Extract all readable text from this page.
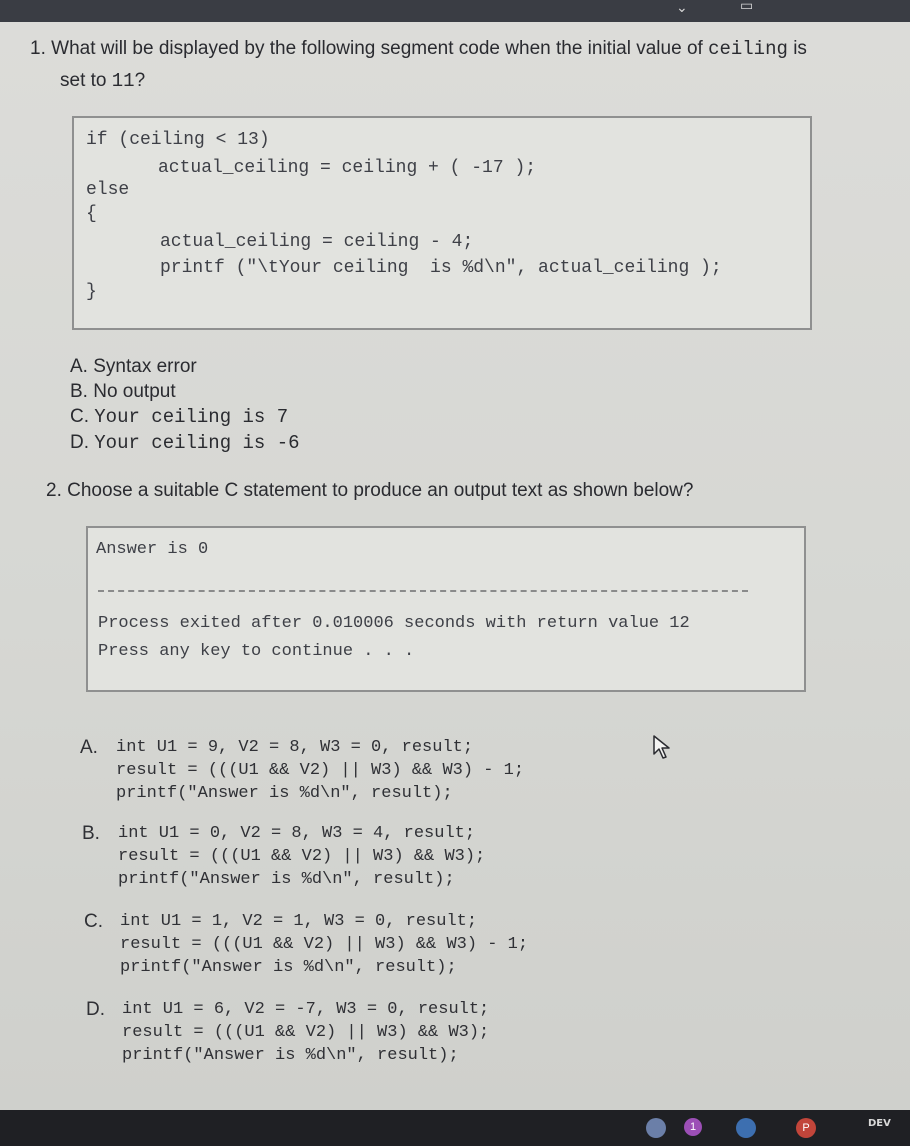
⌄	▭
1. What will be displayed by the following segment code when the initial value of ceiling is
set to 11?
if (ceiling < 13)
actual_ceiling = ceiling + ( -17 );
else
{
actual_ceiling = ceiling - 4;
printf ("\tYour ceiling  is %d\n", actual_ceiling );
}
A. Syntax error
B. No output
C. Your ceiling is 7
D. Your ceiling is -6
2. Choose a suitable C statement to produce an output text as shown below?
Answer is 0
Process exited after 0.010006 seconds with return value 12
Press any key to continue . . .
A. int U1 = 9, V2 = 8, W3 = 0, result;
result = (((U1 && V2) || W3) && W3) - 1;
printf("Answer is %d\n", result);
B. int U1 = 0, V2 = 8, W3 = 4, result;
result = (((U1 && V2) || W3) && W3);
printf("Answer is %d\n", result);
C. int U1 = 1, V2 = 1, W3 = 0, result;
result = (((U1 && V2) || W3) && W3) - 1;
printf("Answer is %d\n", result);
D. int U1 = 6, V2 = -7, W3 = 0, result;
result = (((U1 && V2) || W3) && W3);
printf("Answer is %d\n", result);
1	P	DEV
